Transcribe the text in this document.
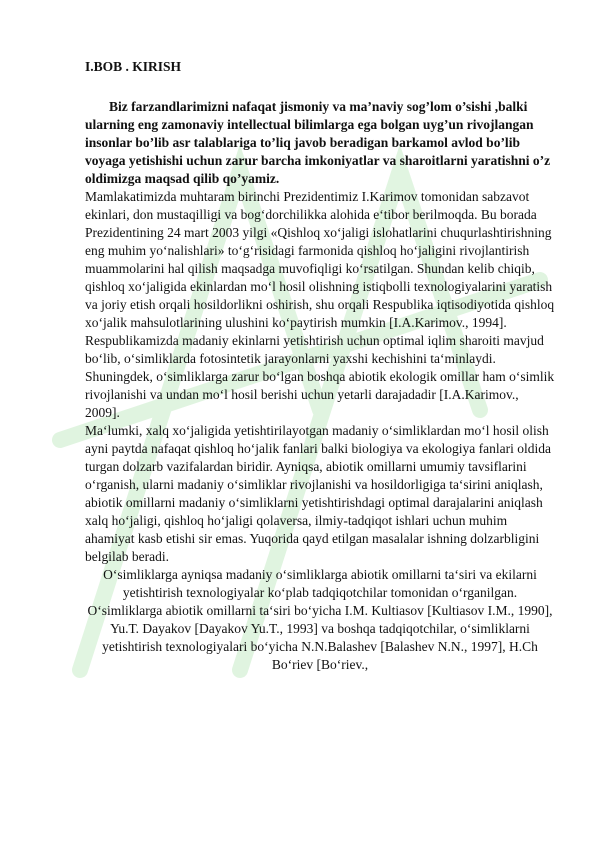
I.BOB . KIRISH

Biz farzandlarimizni nafaqat jismoniy va ma’naviy sog’lom o’sishi ,balki ularning eng zamonaviy intellectual bilimlarga ega bolgan uyg’un rivojlangan insonlar bo’lib asr talablariga to’liq javob beradigan barkamol avlod bo’lib voyaga yetishishi uchun zarur barcha imkoniyatlar va sharoitlarni yaratishni o’z oldimizga maqsad qilib qo’yamiz.

Mamlakatimizda muhtaram birinchi Prezidentimiz I.Karimov tomonidan sabzavot ekinlari, don mustaqilligi va bog‘dorchilikka alohida e‘tibor berilmoqda. Bu borada Prezidentining 24 mart 2003 yilgi «Qishloq xo‘jaligi islohatlarini chuqurlashtirishning eng muhim yo‘nalishlari» to‘g‘risidagi farmonida qishloq ho‘jaligini rivojlantirish muammolarini hal qilish maqsadga muvofiqligi ko‘rsatilgan. Shundan kelib chiqib, qishloq xo‘jaligida ekinlardan mo‘l hosil olishning istiqbolli texnologiyalarini yaratish va joriy etish orqali hosildorlikni oshirish, shu orqali Respublika iqtisodiyotida qishloq xo‘jalik mahsulotlarining ulushini ko‘paytirish mumkin [I.A.Karimov., 1994].

Respublikamizda madaniy ekinlarni yetishtirish uchun optimal iqlim sharoiti mavjud bo‘lib, o‘simliklarda fotosintetik jarayonlarni yaxshi kechishini ta‘minlaydi. Shuningdek, o‘simliklarga zarur bo‘lgan boshqa abiotik ekologik omillar ham o‘simlik rivojlanishi va undan mo‘l hosil berishi uchun yetarli darajadadir [I.A.Karimov., 2009].

Ma‘lumki, xalq xo‘jaligida yetishtirilayotgan madaniy o‘simliklardan mo‘l hosil olish ayni paytda nafaqat qishloq ho‘jalik fanlari balki biologiya va ekologiya fanlari oldida turgan dolzarb vazifalardan biridir. Ayniqsa, abiotik omillarni umumiy tavsiflarini o‘rganish, ularni madaniy o‘simliklar rivojlanishi va hosildorligiga ta‘sirini aniqlash, abiotik omillarni madaniy o‘simliklarni yetishtirishdagi optimal darajalarini aniqlash xalq ho‘jaligi, qishloq ho‘jaligi qolaversa, ilmiy-tadqiqot ishlari uchun muhim ahamiyat kasb etishi sir emas. Yuqorida qayd etilgan masalalar ishning dolzarbligini belgilab beradi.

O‘simliklarga ayniqsa madaniy o‘simliklarga abiotik omillarni ta‘siri va ekilarni yetishtirish texnologiyalar ko‘plab tadqiqotchilar tomonidan o‘rganilgan. O‘simliklarga abiotik omillarni ta‘siri bo‘yicha I.M. Kultiasov [Kultiasov I.M., 1990], Yu.T. Dayakov [Dayakov Yu.T., 1993] va boshqa tadqiqotchilar, o‘simliklarni yetishtirish texnologiyalari bo‘yicha N.N.Balashev [Balashev N.N., 1997], H.Ch Bo‘riev [Bo‘riev.,
